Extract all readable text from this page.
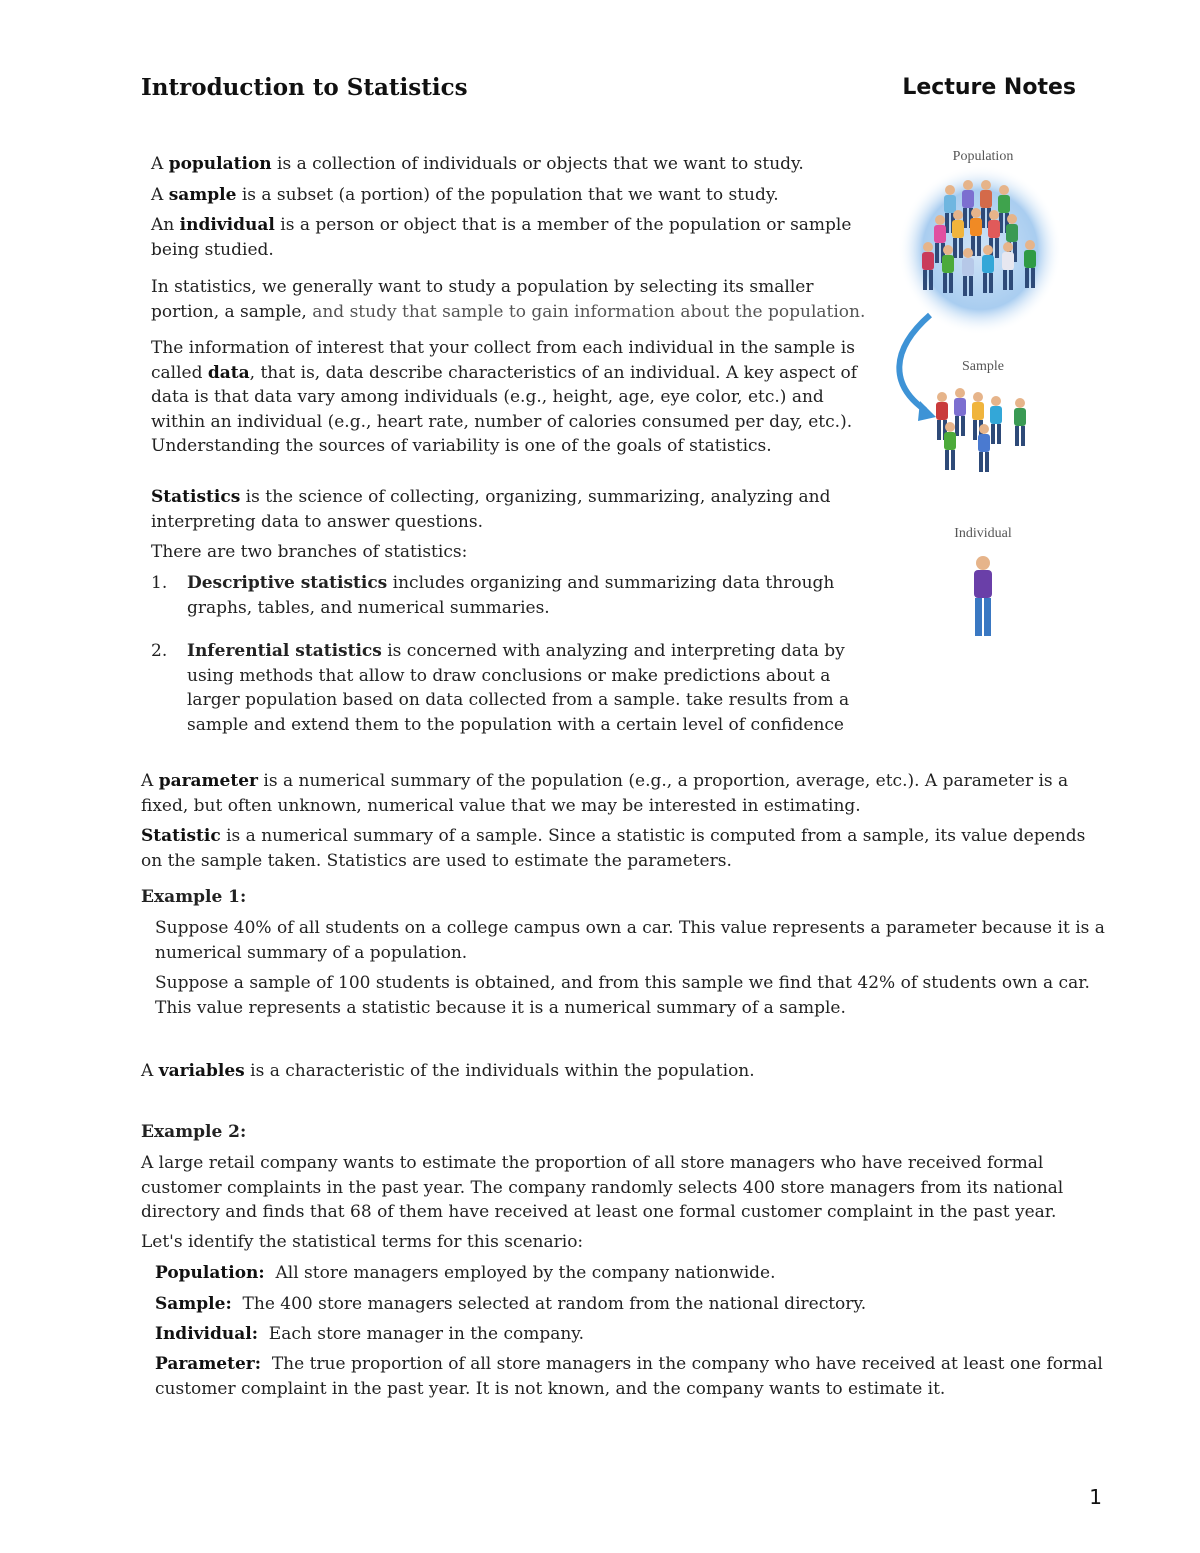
Introduction to Statistics	Lecture Notes

A population is a collection of individuals or objects that we want to study.

A sample is a subset (a portion) of the population that we want to study.

An individual is a person or object that is a member of the population or sample being studied.

In statistics, we generally want to study a population by selecting its smaller portion, a sample, and study that sample to gain information about the population.

The information of interest that your collect from each individual in the sample is called data, that is, data describe characteristics of an individual. A key aspect of data is that data vary among individuals (e.g., height, age, eye color, etc.) and within an individual (e.g., heart rate, number of calories consumed per day, etc.). Understanding the sources of variability is one of the goals of statistics.

Statistics is the science of collecting, organizing, summarizing, analyzing and interpreting data to answer questions.

There are two branches of statistics:

1.	Descriptive statistics includes organizing and summarizing data through graphs, tables, and numerical summaries.
2.	Inferential statistics is concerned with analyzing and interpreting data by using methods that allow to draw conclusions or make predictions about a larger population based on data collected from a sample. take results from a sample and extend them to the population with a certain level of confidence

A parameter is a numerical summary of the population (e.g., a proportion, average, etc.). A parameter is a fixed, but often unknown, numerical value that we may be interested in estimating.

Statistic is a numerical summary of a sample. Since a statistic is computed from a sample, its value depends on the sample taken. Statistics are used to estimate the parameters.

Example 1:

Suppose 40% of all students on a college campus own a car. This value represents a parameter because it is a numerical summary of a population.

Suppose a sample of 100 students is obtained, and from this sample we find that 42% of students own a car. This value represents a statistic because it is a numerical summary of a sample.

A variables is a characteristic of the individuals within the population.

Example 2:

A large retail company wants to estimate the proportion of all store managers who have received formal customer complaints in the past year. The company randomly selects 400 store managers from its national directory and finds that 68 of them have received at least one formal customer complaint in the past year.

Let's identify the statistical terms for this scenario:

Population:  All store managers employed by the company nationwide.

Sample:  The 400 store managers selected at random from the national directory.

Individual:  Each store manager in the company.

Parameter:  The true proportion of all store managers in the company who have received at least one formal customer complaint in the past year. It is not known, and the company wants to estimate it.

Population
Sample
Individual
1
